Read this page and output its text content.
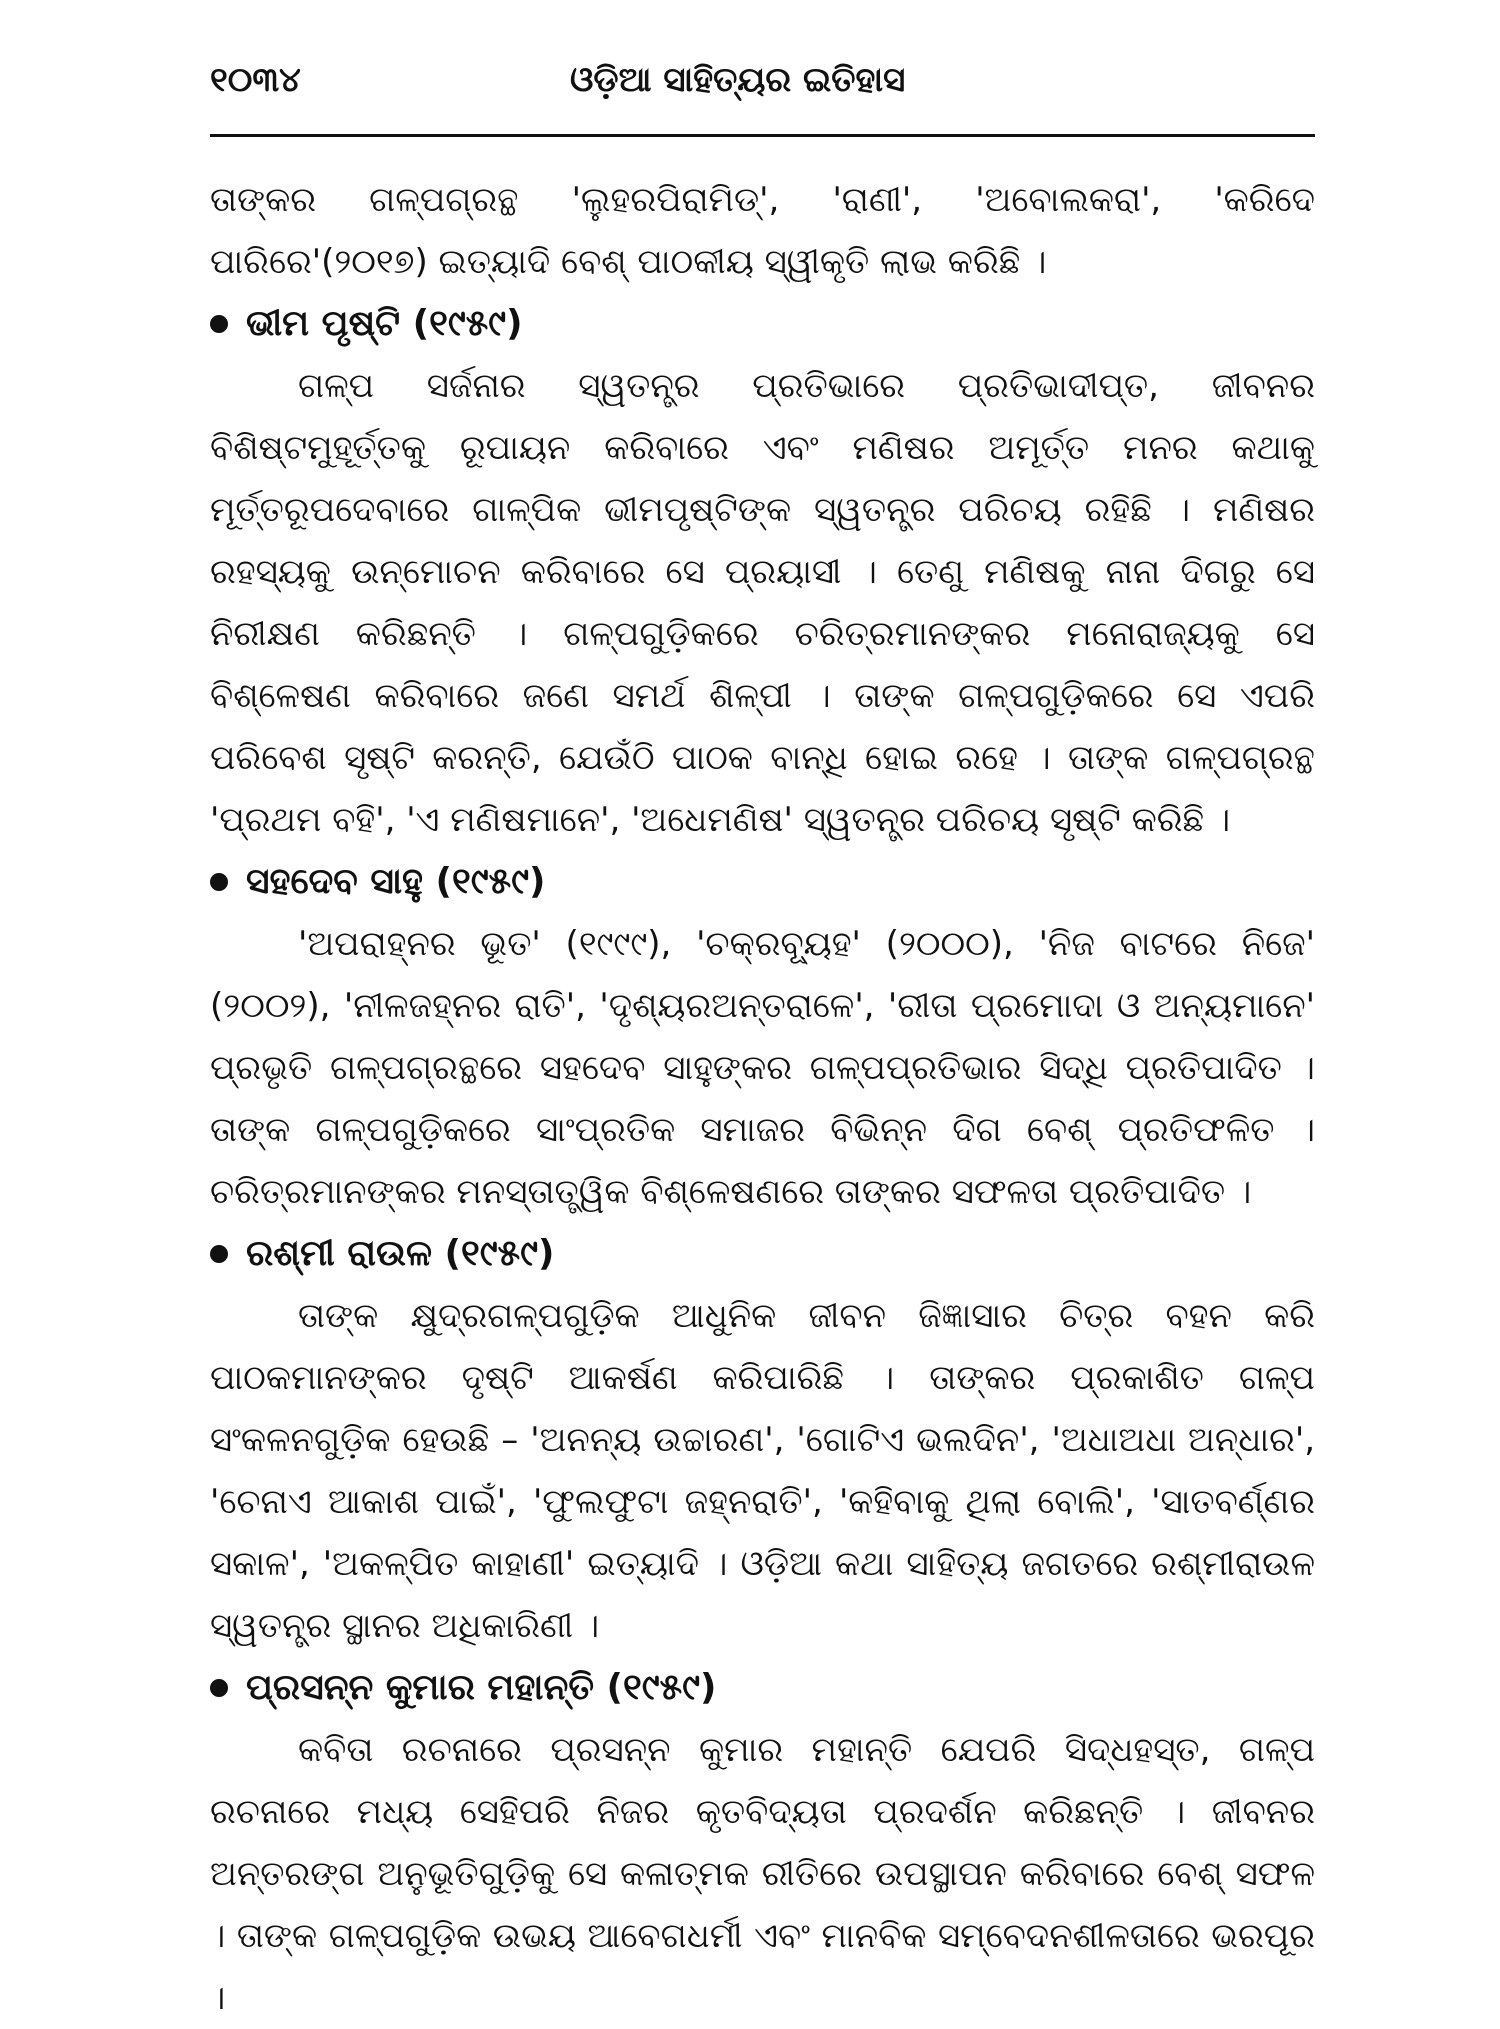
୧୦୩୪	ଓଡ଼ିଆ ସାହିତ୍ୟର ଇତିହାସ

ତାଙ୍କର ଗଳ୍ପଗ୍ରନ୍ଥ 'ଲୁହରପିରାମିଡ୍', 'ରାଣୀ', 'ଅବୋଲକରା', 'କରିଦେ ପାରିରେ'(୨୦୧୭) ଇତ୍ୟାଦି ବେଶ୍ ପାଠକୀୟ ସ୍ୱୀକୃତି ଲାଭ କରିଛି ।

ଭୀମ ପୃଷ୍ଟି (୧୯୫୯)

ଗଳ୍ପ ସର୍ଜନାର ସ୍ୱତନ୍ତ୍ର ପ୍ରତିଭାରେ ପ୍ରତିଭାଦୀପ୍ତ, ଜୀବନର ବିଶିଷ୍ଟମୁହୂର୍ତ୍ତକୁ ରୂପାୟନ କରିବାରେ ଏବଂ ମଣିଷର ଅମୂର୍ତ୍ତ ମନର କଥାକୁ ମୂର୍ତ୍ତରୂପଦେବାରେ ଗାଳ୍ପିକ ଭୀମପୃଷ୍ଟିଙ୍କ ସ୍ୱତନ୍ତ୍ର ପରିଚୟ ରହିଛି । ମଣିଷର ରହସ୍ୟକୁ ଉନ୍ମୋଚନ କରିବାରେ ସେ ପ୍ରୟାସୀ । ତେଣୁ ମଣିଷକୁ ନାନା ଦିଗରୁ ସେ ନିରୀକ୍ଷଣ କରିଛନ୍ତି । ଗଳ୍ପଗୁଡ଼ିକରେ ଚରିତ୍ରମାନଙ୍କର ମନୋରାଜ୍ୟକୁ ସେ ବିଶ୍ଳେଷଣ କରିବାରେ ଜଣେ ସମର୍ଥ ଶିଳ୍ପୀ । ତାଙ୍କ ଗଳ୍ପଗୁଡ଼ିକରେ ସେ ଏପରି ପରିବେଶ ସୃଷ୍ଟି କରନ୍ତି, ଯେଉଁଠି ପାଠକ ବାନ୍ଧି ହୋଇ ରହେ । ତାଙ୍କ ଗଳ୍ପଗ୍ରନ୍ଥ 'ପ୍ରଥମ ବହି', 'ଏ ମଣିଷମାନେ', 'ଅଧେମଣିଷ' ସ୍ୱତନ୍ତ୍ର ପରିଚୟ ସୃଷ୍ଟି କରିଛି ।

ସହଦେବ ସାହୁ (୧୯୫୯)

'ଅପରାହ୍ନର ଭୂତ' (୧୯୯୯), 'ଚକ୍ରବ୍ୟୂହ' (୨୦୦୦), 'ନିଜ ବାଟରେ ନିଜେ' (୨୦୦୨), 'ନୀଳଜହ୍ନର ରାତି', 'ଦୃଶ୍ୟରଅନ୍ତରାଳେ', 'ରୀତା ପ୍ରମୋଦା ଓ ଅନ୍ୟମାନେ' ପ୍ରଭୃତି ଗଳ୍ପଗ୍ରନ୍ଥରେ ସହଦେବ ସାହୁଙ୍କର ଗଳ୍ପପ୍ରତିଭାର ସିଦ୍ଧି ପ୍ରତିପାଦିତ । ତାଙ୍କ ଗଳ୍ପଗୁଡ଼ିକରେ ସାଂପ୍ରତିକ ସମାଜର ବିଭିନ୍ନ ଦିଗ ବେଶ୍ ପ୍ରତିଫଳିତ । ଚରିତ୍ରମାନଙ୍କର ମନସ୍ତାତ୍ତ୍ୱିକ ବିଶ୍ଳେଷଣରେ ତାଙ୍କର ସଫଳତା ପ୍ରତିପାଦିତ ।

ରଶ୍ମୀ ରାଉଳ (୧୯୫୯)

ତାଙ୍କ କ୍ଷୁଦ୍ରଗଳ୍ପଗୁଡ଼ିକ ଆଧୁନିକ ଜୀବନ ଜିଜ୍ଞାସାର ଚିତ୍ର ବହନ କରି ପାଠକମାନଙ୍କର ଦୃଷ୍ଟି ଆକର୍ଷଣ କରିପାରିଛି । ତାଙ୍କର ପ୍ରକାଶିତ ଗଳ୍ପ ସଂକଳନଗୁଡ଼ିକ ହେଉଛି – 'ଅନନ୍ୟ ଉଚ୍ଚାରଣ', 'ଗୋଟିଏ ଭଲଦିନ', 'ଅଧାଅଧା ଅନ୍ଧାର', 'ଚେନାଏ ଆକାଶ ପାଇଁ', 'ଫୁଲଫୁଟା ଜହ୍ନରାତି', 'କହିବାକୁ ଥିଲା ବୋଲି', 'ସାତବର୍ଣ୍ଣର ସକାଳ', 'ଅକଳ୍ପିତ କାହାଣୀ' ଇତ୍ୟାଦି । ଓଡ଼ିଆ କଥା ସାହିତ୍ୟ ଜଗତରେ ରଶ୍ମୀରାଉଳ ସ୍ୱତନ୍ତ୍ର ସ୍ଥାନର ଅଧିକାରିଣୀ ।

ପ୍ରସନ୍ନ କୁମାର ମହାନ୍ତି (୧୯୫୯)

କବିତା ରଚନାରେ ପ୍ରସନ୍ନ କୁମାର ମହାନ୍ତି ଯେପରି ସିଦ୍ଧହସ୍ତ, ଗଳ୍ପ ରଚନାରେ ମଧ୍ୟ ସେହିପରି ନିଜର କୃତବିଦ୍ୟତା ପ୍ରଦର୍ଶନ କରିଛନ୍ତି । ଜୀବନର ଅନ୍ତରଙ୍ଗ ଅନୁଭୂତିଗୁଡ଼ିକୁ ସେ କଳାତ୍ମକ ରୀତିରେ ଉପସ୍ଥାପନ କରିବାରେ ବେଶ୍ ସଫଳ । ତାଙ୍କ ଗଳ୍ପଗୁଡ଼ିକ ଉଭୟ ଆବେଗଧର୍ମୀ ଏବଂ ମାନବିକ ସମ୍ବେଦନଶୀଳତାରେ ଭରପୂର ।
